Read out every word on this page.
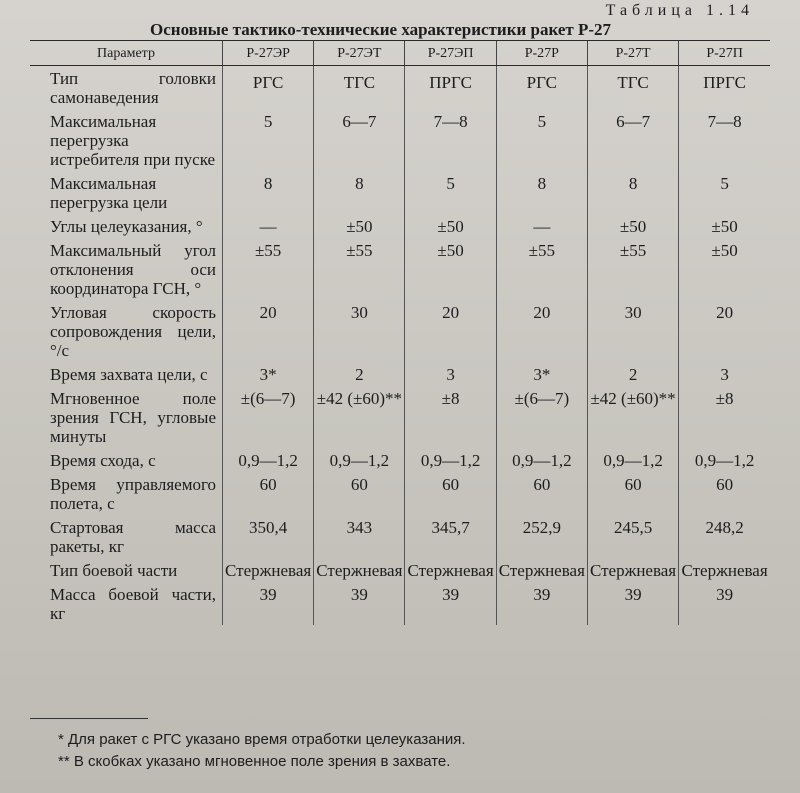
Таблица 1.14
Основные тактико-технические характеристики ракет Р-27
Параметр	Р-27ЭР	Р-27ЭТ	Р-27ЭП	Р-27Р	Р-27Т	Р-27П
Тип головки самонаведения	РГС	ТГС	ПРГС	РГС	ТГС	ПРГС
Максимальная перегрузка истребителя при пуске	5	6—7	7—8	5	6—7	7—8
Максимальная перегрузка цели	8	8	5	8	8	5
Углы целеуказания, °	—	±50	±50	—	±50	±50
Максимальный угол отклонения оси координатора ГСН, °	±55	±55	±50	±55	±55	±50
Угловая скорость сопровождения цели, °/с	20	30	20	20	30	20
Время захвата цели, с	3*	2	3	3*	2	3
Мгновенное поле зрения ГСН, угловые минуты	±(6—7)	±42 (±60)**	±8	±(6—7)	±42 (±60)**	±8
Время схода, с	0,9—1,2	0,9—1,2	0,9—1,2	0,9—1,2	0,9—1,2	0,9—1,2
Время управляемого полета, с	60	60	60	60	60	60
Стартовая масса ракеты, кг	350,4	343	345,7	252,9	245,5	248,2
Тип боевой части	Стержневая	Стержневая	Стержневая	Стержневая	Стержневая	Стержневая
Масса боевой части, кг	39	39	39	39	39	39

* Для ракет с РГС указано время отработки целеуказания.

** В скобках указано мгновенное поле зрения в захвате.
